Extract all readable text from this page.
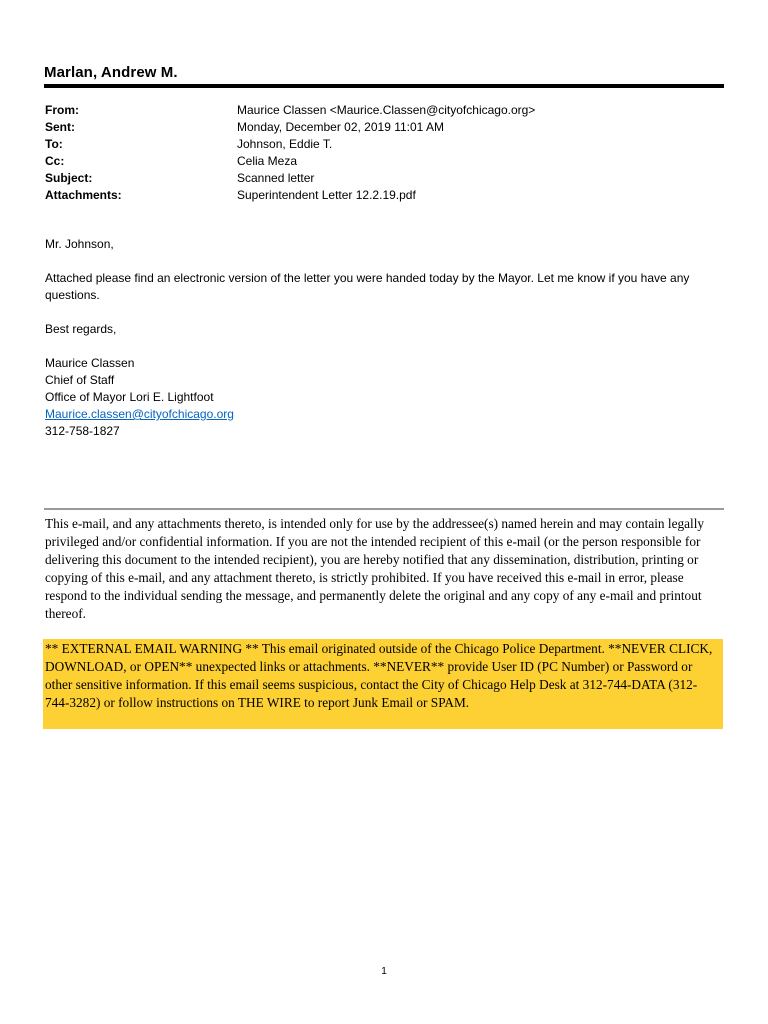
Marlan, Andrew M.
From:	Maurice Classen <Maurice.Classen@cityofchicago.org>
Sent:	Monday, December 02, 2019 11:01 AM
To:	Johnson, Eddie T.
Cc:	Celia Meza
Subject:	Scanned letter
Attachments:	Superintendent Letter 12.2.19.pdf

Mr. Johnson,

Attached please find an electronic version of the letter you were handed today by the Mayor. Let me know if you have any questions.

Best regards,

Maurice Classen
Chief of Staff
Office of Mayor Lori E. Lightfoot
Maurice.classen@cityofchicago.org
312-758-1827

This e-mail, and any attachments thereto, is intended only for use by the addressee(s) named herein and may contain legally privileged and/or confidential information. If you are not the intended recipient of this e-mail (or the person responsible for delivering this document to the intended recipient), you are hereby notified that any dissemination, distribution, printing or copying of this e-mail, and any attachment thereto, is strictly prohibited. If you have received this e-mail in error, please respond to the individual sending the message, and permanently delete the original and any copy of any e-mail and printout thereof.
** EXTERNAL EMAIL WARNING ** This email originated outside of the Chicago Police Department. **NEVER CLICK, DOWNLOAD, or OPEN** unexpected links or attachments. **NEVER** provide User ID (PC Number) or Password or other sensitive information. If this email seems suspicious, contact the City of Chicago Help Desk at 312-744-DATA (312-744-3282) or follow instructions on THE WIRE to report Junk Email or SPAM.
1
